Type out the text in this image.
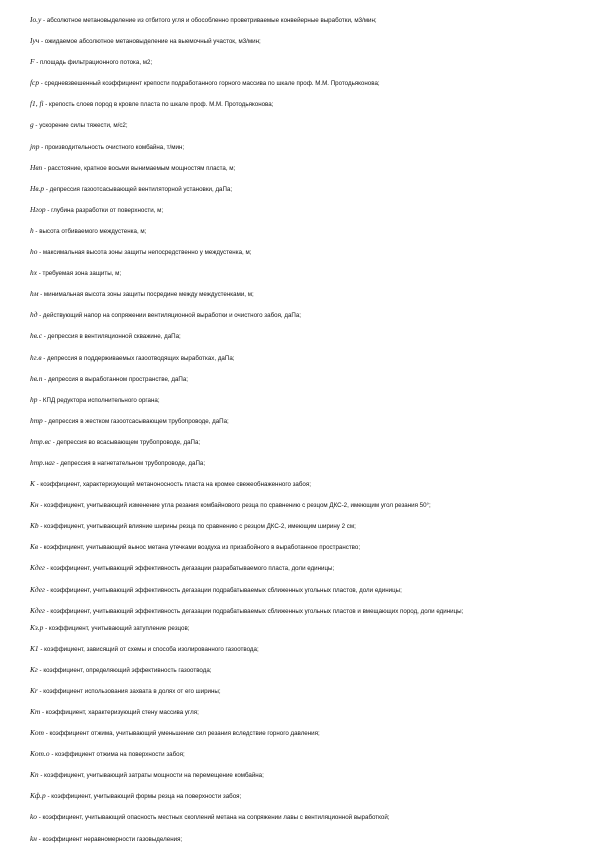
Iо.у - абсолютное метановыделение из отбитого угля и обособленно проветриваемые конвейерные выработки, м3/мин;
Iуч - ожидаемое абсолютное метановыделение на выемочный участок, м3/мин;
F - площадь фильтрационного потока, м2;
fср - средневзвешенный коэффициент крепости подработанного горного массива по шкале проф. М.М. Протодьяконова;
f1, fi - крепость слоев пород в кровле пласта по шкале проф. М.М. Протодьяконова;
g - ускорение силы тяжести, м/с2;
jпр - производительность очистного комбайна, т/мин;
Hвп - расстояние, кратное восьми вынимаемым мощностям пласта, м;
Hв.р - депрессия газоотсасывающей вентиляторной установки, даПа;
Hгор - глубина разработки от поверхности, м;
h - высота отбиваемого междустенка, м;
hо - максимальная высота зоны защиты непосредственно у междустенка, м;
hх - требуемая зона защиты, м;
hм - минимальная высота зоны защиты посредине между междустенками, м;
hд - действующий напор на сопряжении вентиляционной выработки и очистного забоя, даПа;
hв.с - депрессия в вентиляционной скважине, даПа;
hг.в - депрессия в поддерживаемых газоотводящих выработках, даПа;
hв.п - депрессия в выработанном пространстве, даПа;
hр - КПД редуктора исполнительного органа;
hтр - депрессия в жестком газоотсасывающем трубопроводе, даПа;
hтр.вс - депрессия во всасывающем трубопроводе, даПа;
hтр.наг - депрессия в нагнетательном трубопроводе, даПа;
K - коэффициент, характеризующий метаноносность пласта на кромке свежеобнаженного забоя;
Kн - коэффициент, учитывающий изменение угла резания комбайнового резца по сравнению с резцом ДКС-2, имеющим угол резания 50°;
Kb - коэффициент, учитывающий влияние ширины резца по сравнению с резцом ДКС-2, имеющим ширину 2 см;
Kв - коэффициент, учитывающий вынос метана утечками воздуха из призабойного в выработанное пространство;
Kдег - коэффициент, учитывающий эффективность дегазации разрабатываемого пласта, доли единицы;
Kдег - коэффициент, учитывающий эффективность дегазации подрабатываемых сближенных угольных пластов, доли единицы;
Kдег - коэффициент, учитывающий эффективность дегазации подрабатываемых сближенных угольных пластов и вмещающих пород, доли единицы;
Kз.р - коэффициент, учитывающий затупление резцов;
K1 - коэффициент, зависящий от схемы и способа изолированного газоотвода;
Kг - коэффициент, определяющий эффективность газоотвода;
Kr - коэффициент использования захвата в долях от его ширины;
Kт - коэффициент, характеризующий стену массива угля;
Kот - коэффициент отжима, учитывающий уменьшение сил резания вследствие горного давления;
Kот.о - коэффициент отжима на поверхности забоя;
Kп - коэффициент, учитывающий затраты мощности на перемещение комбайна;
Kф.р - коэффициент, учитывающий формы резца на поверхности забоя;
kо - коэффициент, учитывающий опасность местных скоплений метана на сопряжении лавы с вентиляционной выработкой;
kн - коэффициент неравномерности газовыделения;
